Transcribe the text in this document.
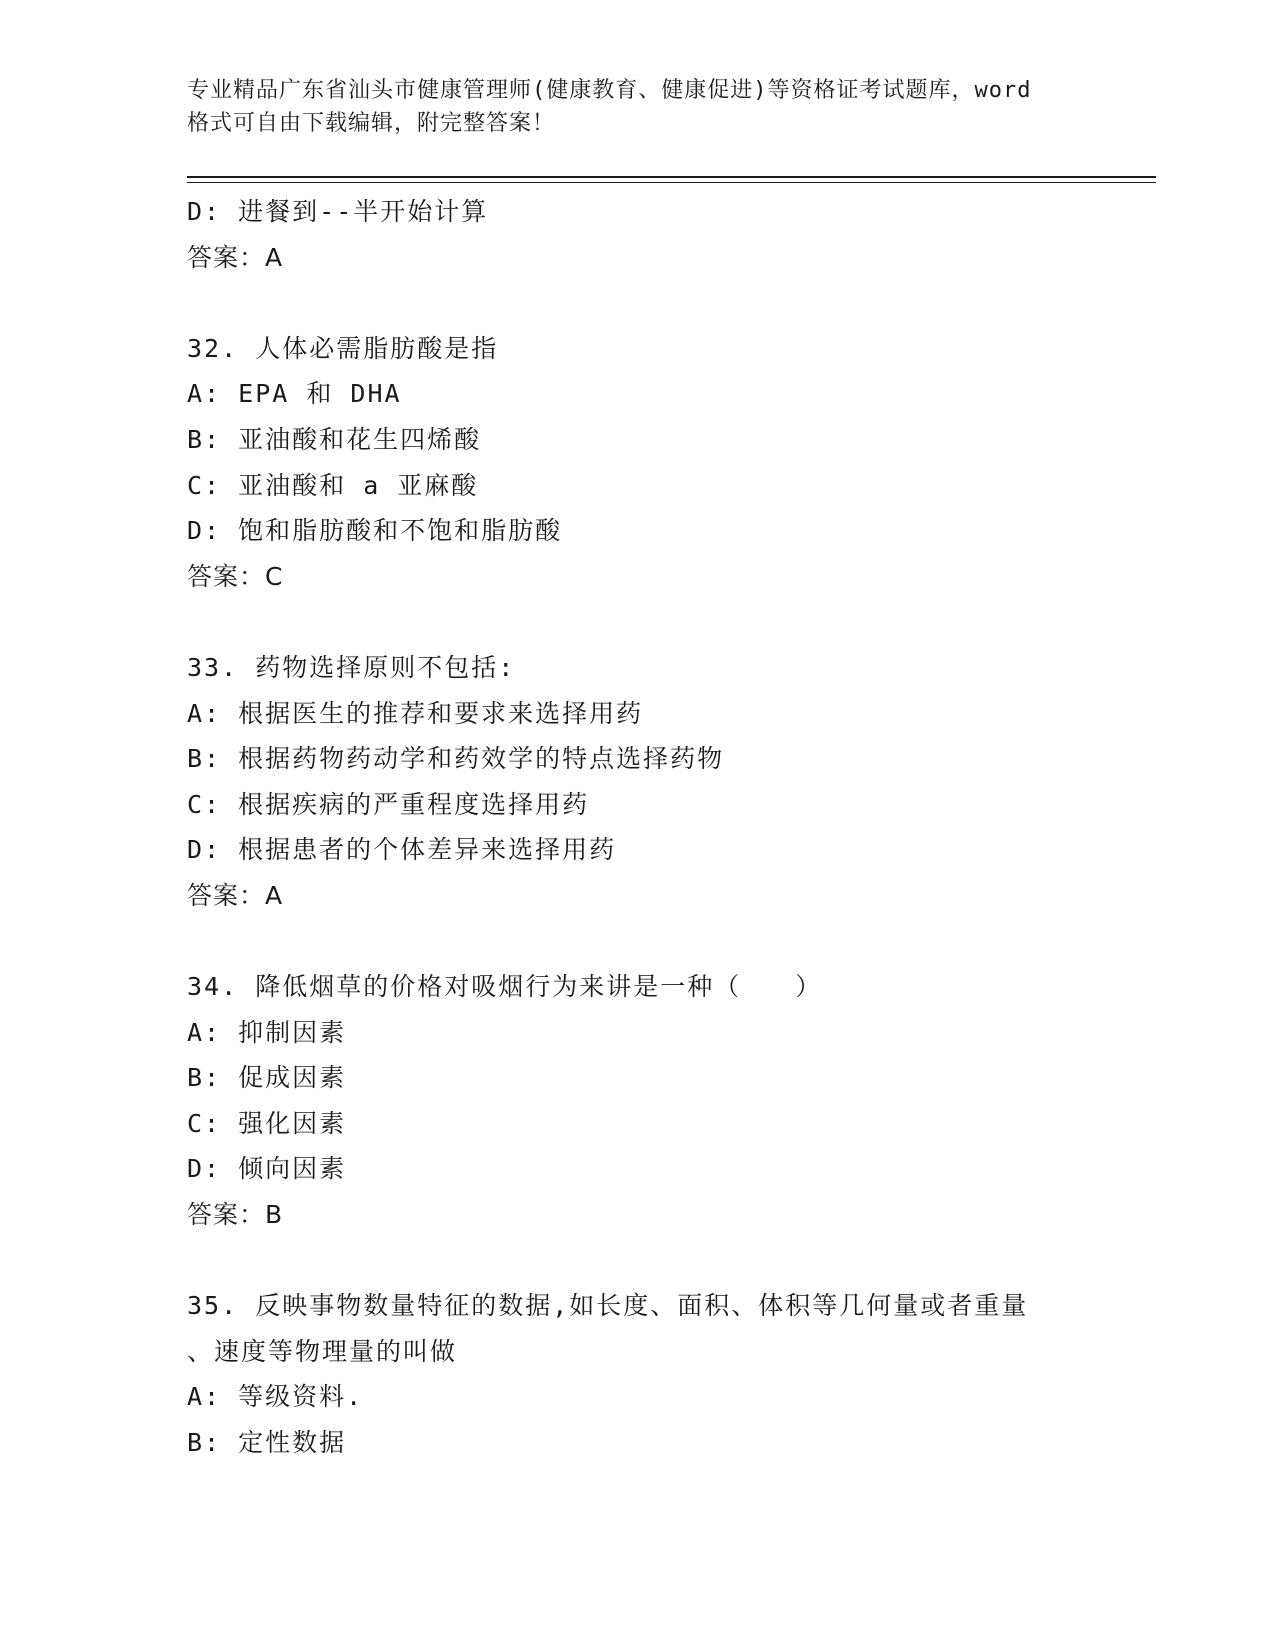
专业精品广东省汕头市健康管理师(健康教育、健康促进)等资格证考试题库，word
格式可自由下载编辑，附完整答案！
D: 进餐到--半开始计算
答案：A
32. 人体必需脂肪酸是指
A: EPA 和 DHA
B: 亚油酸和花生四烯酸
C: 亚油酸和 a 亚麻酸
D: 饱和脂肪酸和不饱和脂肪酸
答案：C
33. 药物选择原则不包括:
A: 根据医生的推荐和要求来选择用药
B: 根据药物药动学和药效学的特点选择药物
C: 根据疾病的严重程度选择用药
D: 根据患者的个体差异来选择用药
答案：A
34. 降低烟草的价格对吸烟行为来讲是一种（　　）
A: 抑制因素
B: 促成因素
C: 强化因素
D: 倾向因素
答案：B
35. 反映事物数量特征的数据,如长度、面积、体积等几何量或者重量
、速度等物理量的叫做
A: 等级资料.
B: 定性数据
